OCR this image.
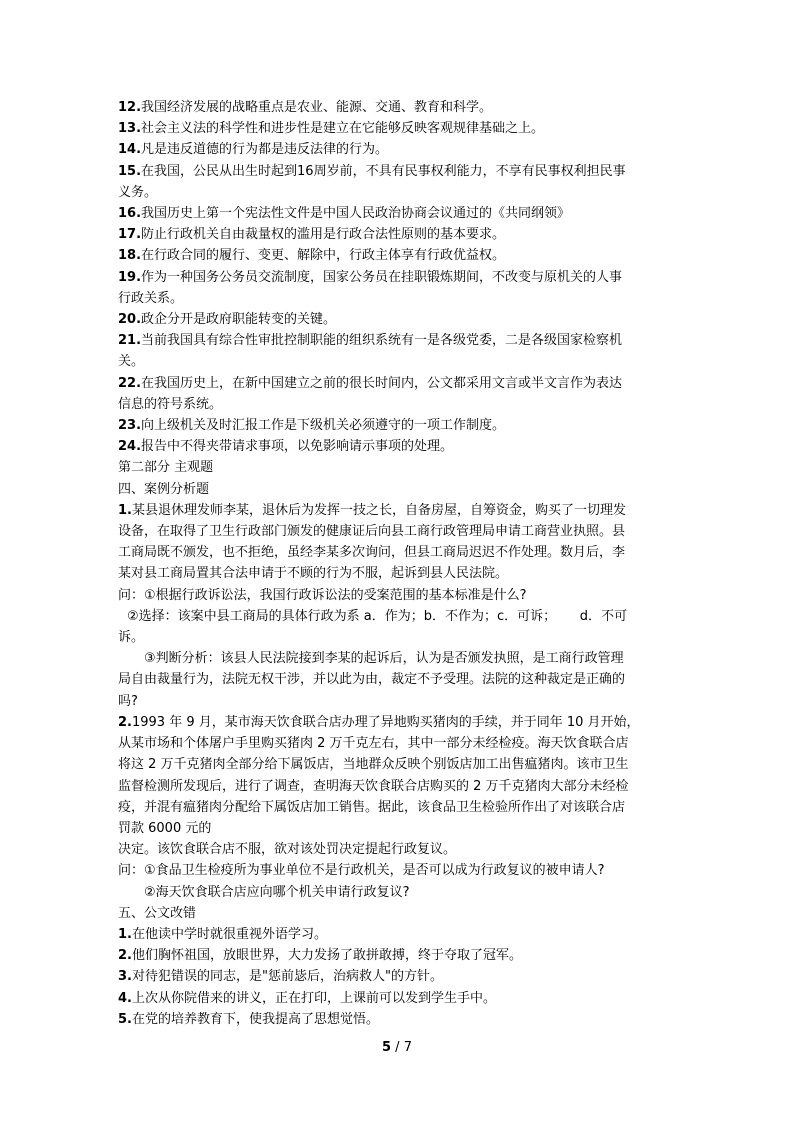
12.我国经济发展的战略重点是农业、能源、交通、教育和科学。
13.社会主义法的科学性和进步性是建立在它能够反映客观规律基础之上。
14.凡是违反道德的行为都是违反法律的行为。
15.在我国，公民从出生时起到16周岁前，不具有民事权利能力，不享有民事权利担民事
义务。
16.我国历史上第一个宪法性文件是中国人民政治协商会议通过的《共同纲领》
17.防止行政机关自由裁量权的滥用是行政合法性原则的基本要求。
18.在行政合同的履行、变更、解除中，行政主体享有行政优益权。
19.作为一种国务公务员交流制度，国家公务员在挂职锻炼期间，不改变与原机关的人事
行政关系。
20.政企分开是政府职能转变的关键。
21.当前我国具有综合性审批控制职能的组织系统有一是各级党委，二是各级国家检察机
关。
22.在我国历史上，在新中国建立之前的很长时间内，公文都采用文言或半文言作为表达
信息的符号系统。
23.向上级机关及时汇报工作是下级机关必须遵守的一项工作制度。
24.报告中不得夹带请求事项，以免影响请示事项的处理。
第二部分 主观题
四、案例分析题
1.某县退休理发师李某，退休后为发挥一技之长，自备房屋，自筹资金，购买了一切理发
设备，在取得了卫生行政部门颁发的健康证后向县工商行政管理局申请工商营业执照。县
工商局既不颁发，也不拒绝，虽经李某多次询问，但县工商局迟迟不作处理。数月后，李
某对县工商局置其合法申请于不顾的行为不服，起诉到县人民法院。
问：①根据行政诉讼法，我国行政诉讼法的受案范围的基本标准是什么?
②选择：该案中县工商局的具体行政为系 a．作为；b．不作为；c．可诉；　　 d．不可
诉。
③判断分析：该县人民法院接到李某的起诉后，认为是否颁发执照，是工商行政管理
局自由裁量行为，法院无权干涉，并以此为由，裁定不予受理。法院的这种裁定是正确的
吗?
2.1993 年 9 月，某市海天饮食联合店办理了异地购买猪肉的手续，并于同年 10 月开始，
从某市场和个体屠户手里购买猪肉 2 万千克左右，其中一部分未经检疫。海天饮食联合店
将这 2 万千克猪肉全部分给下属饭店，当地群众反映个别饭店加工出售瘟猪肉。该市卫生
监督检测所发现后，进行了调查，查明海天饮食联合店购买的 2 万千克猪肉大部分未经检
疫，并混有瘟猪肉分配给下属饭店加工销售。据此，该食品卫生检验所作出了对该联合店
罚款 6000 元的
决定。该饮食联合店不服，欲对该处罚决定提起行政复议。
问：①食品卫生检疫所为事业单位不是行政机关，是否可以成为行政复议的被申请人?
②海天饮食联合店应向哪个机关申请行政复议?
五、公文改错
1.在他读中学时就很重视外语学习。
2.他们胸怀祖国，放眼世界，大力发扬了敢拼敢搏，终于夺取了冠军。
3.对待犯错误的同志，是"惩前毖后，治病救人"的方针。
4.上次从你院借来的讲义，正在打印，上课前可以发到学生手中。
5.在党的培养教育下，使我提高了思想觉悟。
5 / 7
